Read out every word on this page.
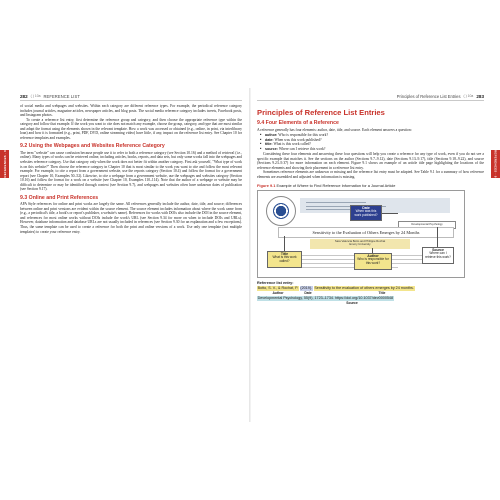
REFERENCES · 9
282 ( ) 10a REFERENCE LIST

of social media and webpages and websites. Within each category are different reference types. For example, the periodical reference category includes journal articles, magazine articles, newspaper articles, and blog posts. The social media reference category includes tweets, Facebook posts, and Instagram photos.

To create a reference list entry, first determine the reference group and category, and then choose the appropriate reference type within the category and follow that example. If the work you want to cite does not match any example, choose the group, category, and type that are most similar and adapt the format using the elements shown in the relevant template. How a work was accessed or obtained (e.g., online, in print, via interlibrary loan) and how it is formatted (e.g., print, PDF, DVD, online streaming video) have little, if any, impact on the reference list entry. See Chapter 10 for reference templates and examples.

9.2 Using the Webpages and Websites Reference Category

The term "website" can cause confusion because people use it to refer to both a reference category (see Section 10.16) and a method of retrieval (i.e., online). Many types of works can be retrieved online, including articles, books, reports, and data sets, but only some works fall into the webpages and websites reference category. Use that category only when the work does not better fit within another category. First ask yourself, "What type of work is on this website?" Then choose the reference category in Chapter 10 that is most similar to the work you want to cite and follow the most relevant example. For example, to cite a report from a government website, use the reports category (Section 10.4) and follow the format for a government report (see Chapter 10, Examples 50–52). Likewise, to cite a webpage from a government website, use the webpages and websites category (Section 10.16) and follow the format for a work on a website (see Chapter 10, Examples 110–114). Note that the author of a webpage or website may be difficult to determine or may be identified through context (see Section 9.7), and webpages and websites often have unknown dates of publication (see Section 9.17).

9.3 Online and Print References

APA Style references for online and print works are largely the same. All references generally include the author, date, title, and source; differences between online and print versions are evident within the source element. The source element includes information about where the work came from (e.g., a periodical's title, a book's or report's publisher, a website's name). References for works with DOIs also include the DOI in the source element, and references for most online works without DOIs include the work's URL (see Section 9.34 for more on when to include DOIs and URLs). However, database information and database URLs are not usually included in references (see Section 9.30 for an explanation and a few exceptions). Thus, the same template can be used to create a reference for both the print and online versions of a work. Use only one template (not multiple templates) to create your reference entry.

REFERENCES · 9
Principles of Reference List Entries ( ) 10a 283
Principles of Reference List Entries
9.4 Four Elements of a Reference

A reference generally has four elements: author, date, title, and source. Each element answers a question:

■ author: Who is responsible for this work?
■ date: When was this work published?
■ title: What is this work called?
■ source: Where can I retrieve this work?

Considering these four elements and answering these four questions will help you create a reference for any type of work, even if you do not see a specific example that matches it. See the sections on the author (Sections 9.7–9.12), date (Sections 9.13–9.17), title (Sections 9.18–9.22), and source (Sections 9.23–9.37) for more information on each element. Figure 9.1 shows an example of an article title page highlighting the locations of the reference elements and showing their placement in a reference list entry.

Sometimes reference elements are unknown or missing and the reference list entry must be adapted. See Table 9.1 for a summary of how reference elements are assembled and adjusted when information is missing.

Figure 9.1 Example of Where to Find Reference Information for a Journal Article
Developmental Psychology
Sensitivity to the Evaluation of Others Emerges by 24 Months
Sara Valencia Botto and Philippe Rochat
Emory University
Date
When was this work published?
Title
What is this work called?
Author
Who is responsible for this work?
Source
Where can I retrieve this work?
Reference list entry:
Botto, S. V., & Rochat, P.
(2019).
Sensitivity to the evaluation of others emerges by 24 months.
Author	Date	Title
Developmental Psychology, 55(9), 1723–1734. https://doi.org/10.1037/dev0000548
Source
